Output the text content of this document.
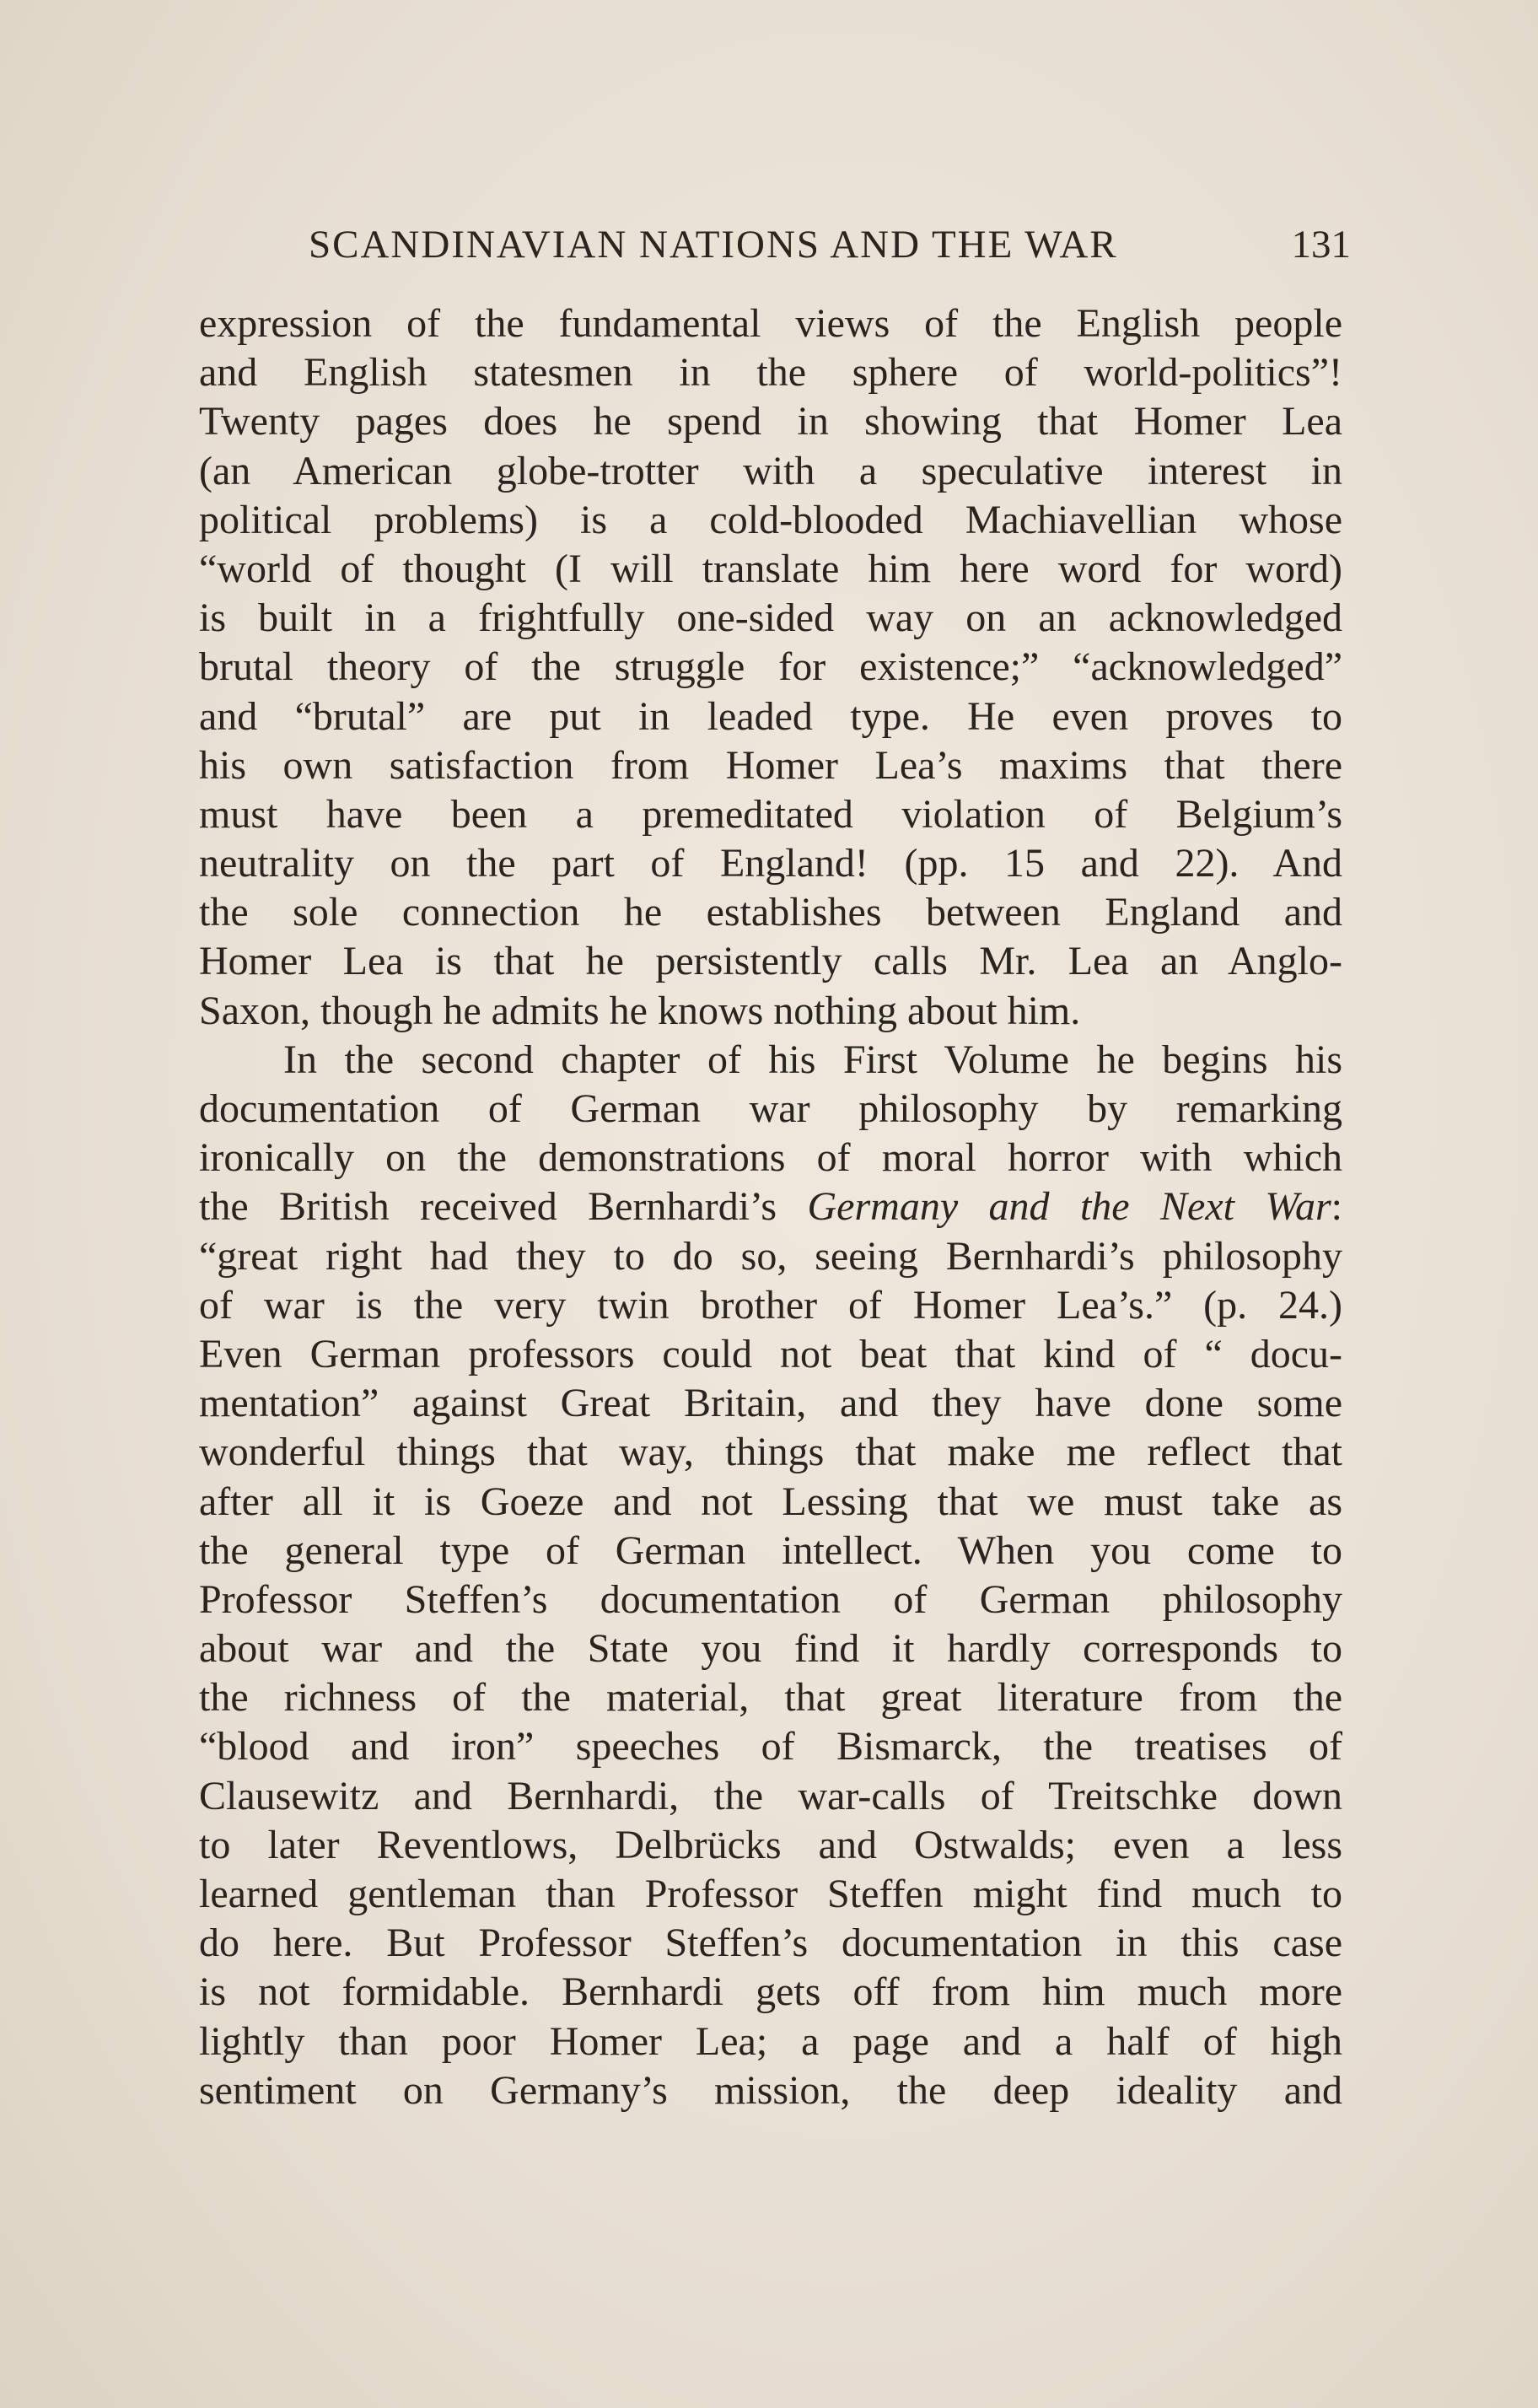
SCANDINAVIAN NATIONS AND THE WAR	131
expression of the fundamental views of the English people
and English statesmen in the sphere of world-politics”!
Twenty pages does he spend in showing that Homer Lea
(an American globe-trotter with a speculative interest in
political problems) is a cold-blooded Machiavellian whose
“world of thought (I will translate him here word for word)
is built in a frightfully one-sided way on an acknowledged
brutal theory of the struggle for existence;” “acknowledged”
and “brutal” are put in leaded type. He even proves to
his own satisfaction from Homer Lea’s maxims that there
must have been a premeditated violation of Belgium’s
neutrality on the part of England! (pp. 15 and 22). And
the sole connection he establishes between England and
Homer Lea is that he persistently calls Mr. Lea an Anglo-
Saxon, though he admits he knows nothing about him.
In the second chapter of his First Volume he begins his
documentation of German war philosophy by remarking
ironically on the demonstrations of moral horror with which
the British received Bernhardi’s Germany and the Next War:
“great right had they to do so, seeing Bernhardi’s philosophy
of war is the very twin brother of Homer Lea’s.” (p. 24.)
Even German professors could not beat that kind of “ docu-
mentation” against Great Britain, and they have done some
wonderful things that way, things that make me reflect that
after all it is Goeze and not Lessing that we must take as
the general type of German intellect. When you come to
Professor Steffen’s documentation of German philosophy
about war and the State you find it hardly corresponds to
the richness of the material, that great literature from the
“blood and iron” speeches of Bismarck, the treatises of
Clausewitz and Bernhardi, the war-calls of Treitschke down
to later Reventlows, Delbrücks and Ostwalds; even a less
learned gentleman than Professor Steffen might find much to
do here. But Professor Steffen’s documentation in this case
is not formidable. Bernhardi gets off from him much more
lightly than poor Homer Lea; a page and a half of high
sentiment on Germany’s mission, the deep ideality and
